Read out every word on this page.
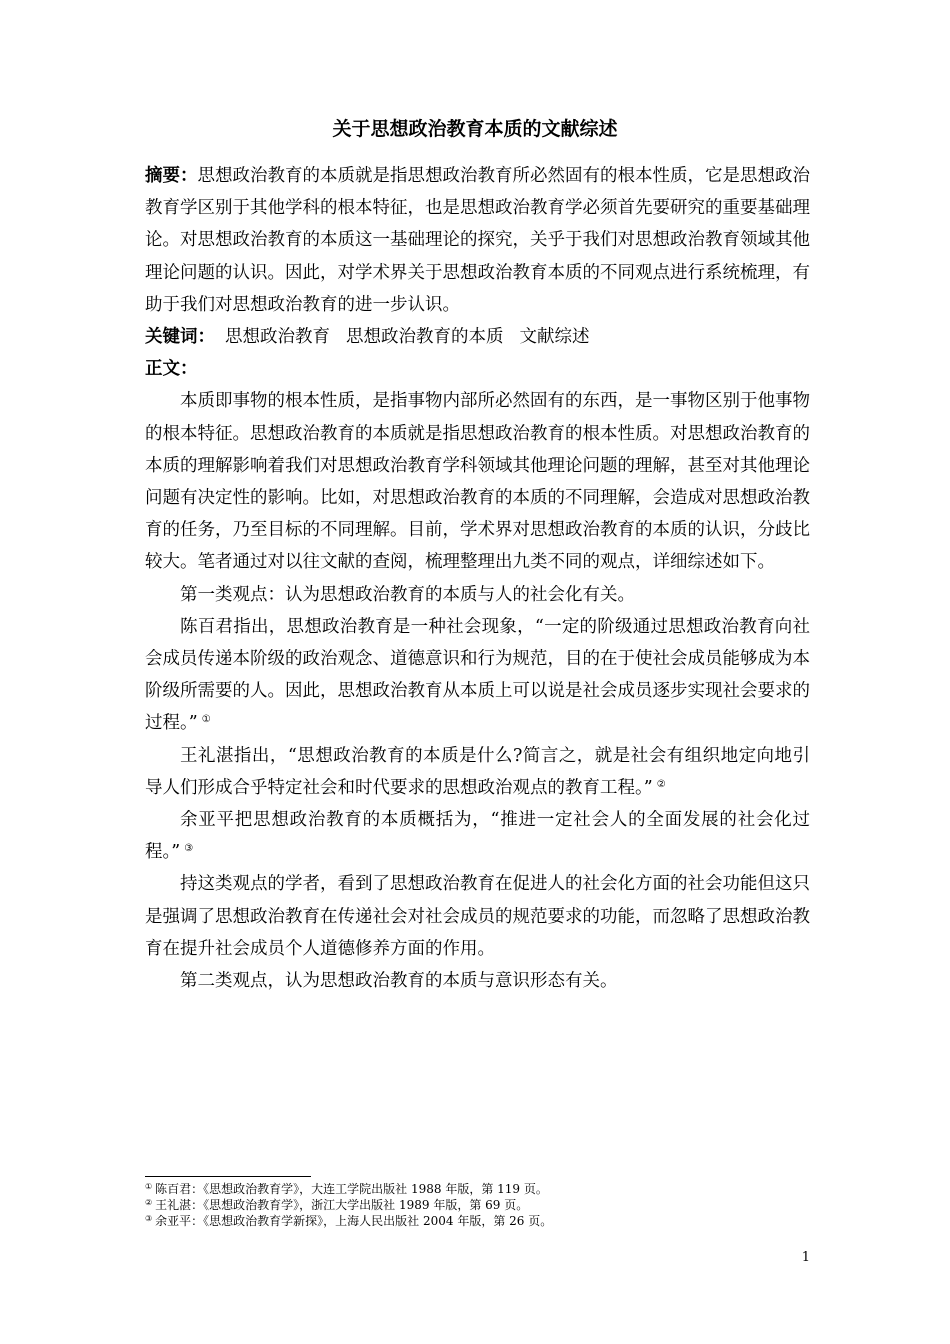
关于思想政治教育本质的文献综述

摘要：思想政治教育的本质就是指思想政治教育所必然固有的根本性质，它是思想政治教育学区别于其他学科的根本特征，也是思想政治教育学必须首先要研究的重要基础理论。对思想政治教育的本质这一基础理论的探究，关乎于我们对思想政治教育领域其他理论问题的认识。因此，对学术界关于思想政治教育本质的不同观点进行系统梳理，有助于我们对思想政治教育的进一步认识。

关键词： 思想政治教育 思想政治教育的本质 文献综述

正文：

本质即事物的根本性质，是指事物内部所必然固有的东西，是一事物区别于他事物的根本特征。思想政治教育的本质就是指思想政治教育的根本性质。对思想政治教育的本质的理解影响着我们对思想政治教育学科领域其他理论问题的理解，甚至对其他理论问题有决定性的影响。比如，对思想政治教育的本质的不同理解，会造成对思想政治教育的任务，乃至目标的不同理解。目前，学术界对思想政治教育的本质的认识，分歧比较大。笔者通过对以往文献的查阅，梳理整理出九类不同的观点，详细综述如下。

第一类观点：认为思想政治教育的本质与人的社会化有关。

陈百君指出，思想政治教育是一种社会现象，“一定的阶级通过思想政治教育向社会成员传递本阶级的政治观念、道德意识和行为规范，目的在于使社会成员能够成为本阶级所需要的人。因此，思想政治教育从本质上可以说是社会成员逐步实现社会要求的过程。” ①

王礼湛指出，“思想政治教育的本质是什么?简言之，就是社会有组织地定向地引导人们形成合乎特定社会和时代要求的思想政治观点的教育工程。” ②

余亚平把思想政治教育的本质概括为，“推进一定社会人的全面发展的社会化过程。” ③

持这类观点的学者，看到了思想政治教育在促进人的社会化方面的社会功能但这只是强调了思想政治教育在传递社会对社会成员的规范要求的功能，而忽略了思想政治教育在提升社会成员个人道德修养方面的作用。

第二类观点，认为思想政治教育的本质与意识形态有关。

① 陈百君：《思想政治教育学》，大连工学院出版社 1988 年版，第 119 页。
② 王礼湛：《思想政治教育学》，浙江大学出版社 1989 年版，第 69 页。
③ 余亚平：《思想政治教育学新探》，上海人民出版社 2004 年版，第 26 页。
1
